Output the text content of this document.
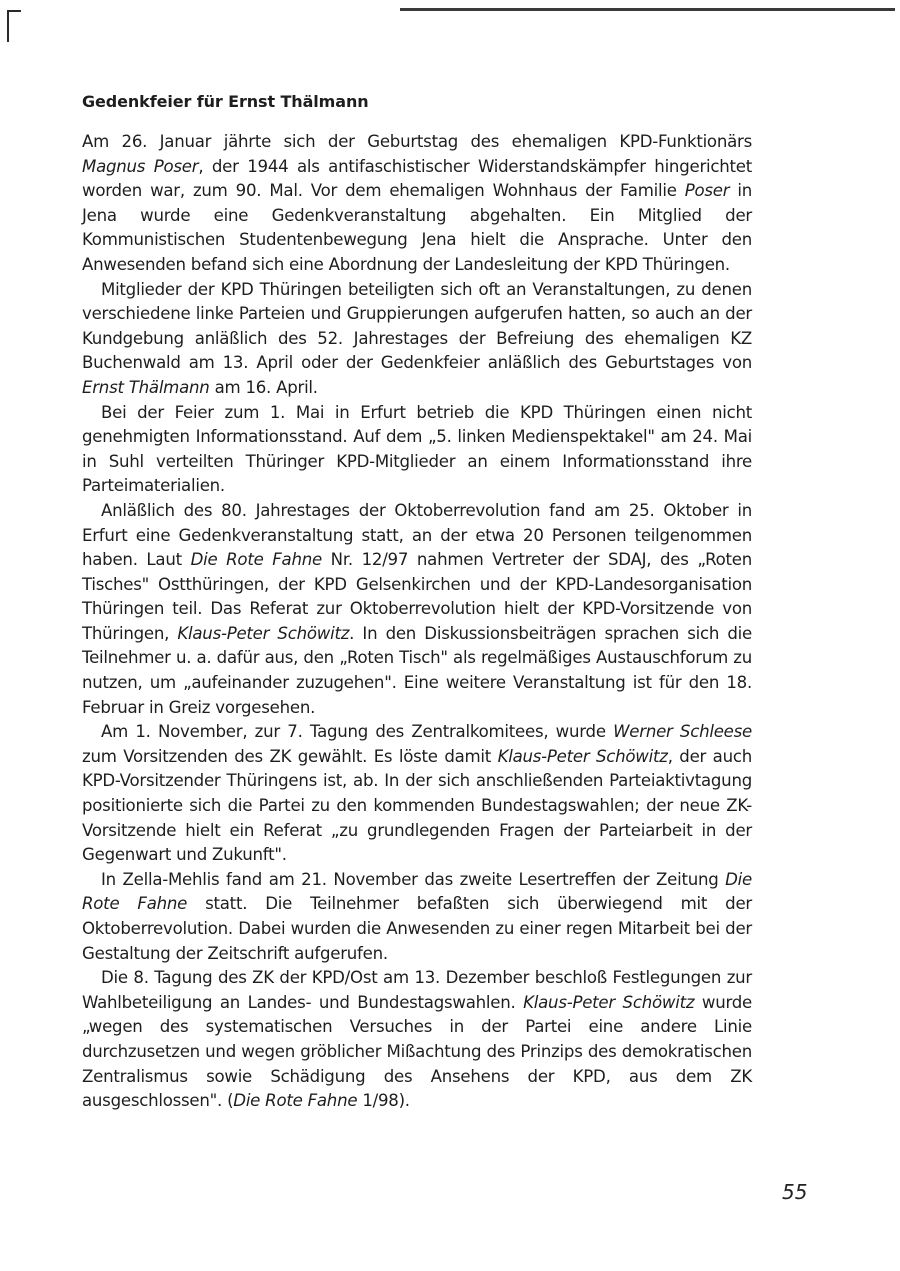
Gedenkfeier für Ernst Thälmann

Am 26. Januar jährte sich der Geburtstag des ehemaligen KPD-Funktionärs Magnus Poser, der 1944 als antifaschistischer Widerstandskämpfer hingerichtet worden war, zum 90. Mal. Vor dem ehemaligen Wohnhaus der Familie Poser in Jena wurde eine Gedenkveranstaltung abgehalten. Ein Mitglied der Kommunistischen Studentenbewegung Jena hielt die Ansprache. Unter den Anwesenden befand sich eine Abordnung der Landesleitung der KPD Thüringen.

Mitglieder der KPD Thüringen beteiligten sich oft an Veranstaltungen, zu denen verschiedene linke Parteien und Gruppierungen aufgerufen hatten, so auch an der Kundgebung anläßlich des 52. Jahrestages der Befreiung des ehemaligen KZ Buchenwald am 13. April oder der Gedenkfeier anläßlich des Geburtstages von Ernst Thälmann am 16. April.

Bei der Feier zum 1. Mai in Erfurt betrieb die KPD Thüringen einen nicht genehmigten Informationsstand. Auf dem „5. linken Medienspektakel" am 24. Mai in Suhl verteilten Thüringer KPD-Mitglieder an einem Informationsstand ihre Parteimaterialien.

Anläßlich des 80. Jahrestages der Oktoberrevolution fand am 25. Oktober in Erfurt eine Gedenkveranstaltung statt, an der etwa 20 Personen teilgenommen haben. Laut Die Rote Fahne Nr. 12/97 nahmen Vertreter der SDAJ, des „Roten Tisches" Ostthüringen, der KPD Gelsenkirchen und der KPD-Landesorganisation Thüringen teil. Das Referat zur Oktoberrevolution hielt der KPD-Vorsitzende von Thüringen, Klaus-Peter Schöwitz. In den Diskussionsbeiträgen sprachen sich die Teilnehmer u. a. dafür aus, den „Roten Tisch" als regelmäßiges Austauschforum zu nutzen, um „aufeinander zuzugehen". Eine weitere Veranstaltung ist für den 18. Februar in Greiz vorgesehen.

Am 1. November, zur 7. Tagung des Zentralkomitees, wurde Werner Schleese zum Vorsitzenden des ZK gewählt. Es löste damit Klaus-Peter Schöwitz, der auch KPD-Vorsitzender Thüringens ist, ab. In der sich anschließenden Parteiaktivtagung positionierte sich die Partei zu den kommenden Bundestagswahlen; der neue ZK-Vorsitzende hielt ein Referat „zu grundlegenden Fragen der Parteiarbeit in der Gegenwart und Zukunft".

In Zella-Mehlis fand am 21. November das zweite Lesertreffen der Zeitung Die Rote Fahne statt. Die Teilnehmer befaßten sich überwiegend mit der Oktoberrevolution. Dabei wurden die Anwesenden zu einer regen Mitarbeit bei der Gestaltung der Zeitschrift aufgerufen.

Die 8. Tagung des ZK der KPD/Ost am 13. Dezember beschloß Festlegungen zur Wahlbeteiligung an Landes- und Bundestagswahlen. Klaus-Peter Schöwitz wurde „wegen des systematischen Versuches in der Partei eine andere Linie durchzusetzen und wegen gröblicher Mißachtung des Prinzips des demokratischen Zentralismus sowie Schädigung des Ansehens der KPD, aus dem ZK ausgeschlossen". (Die Rote Fahne 1/98).

55
